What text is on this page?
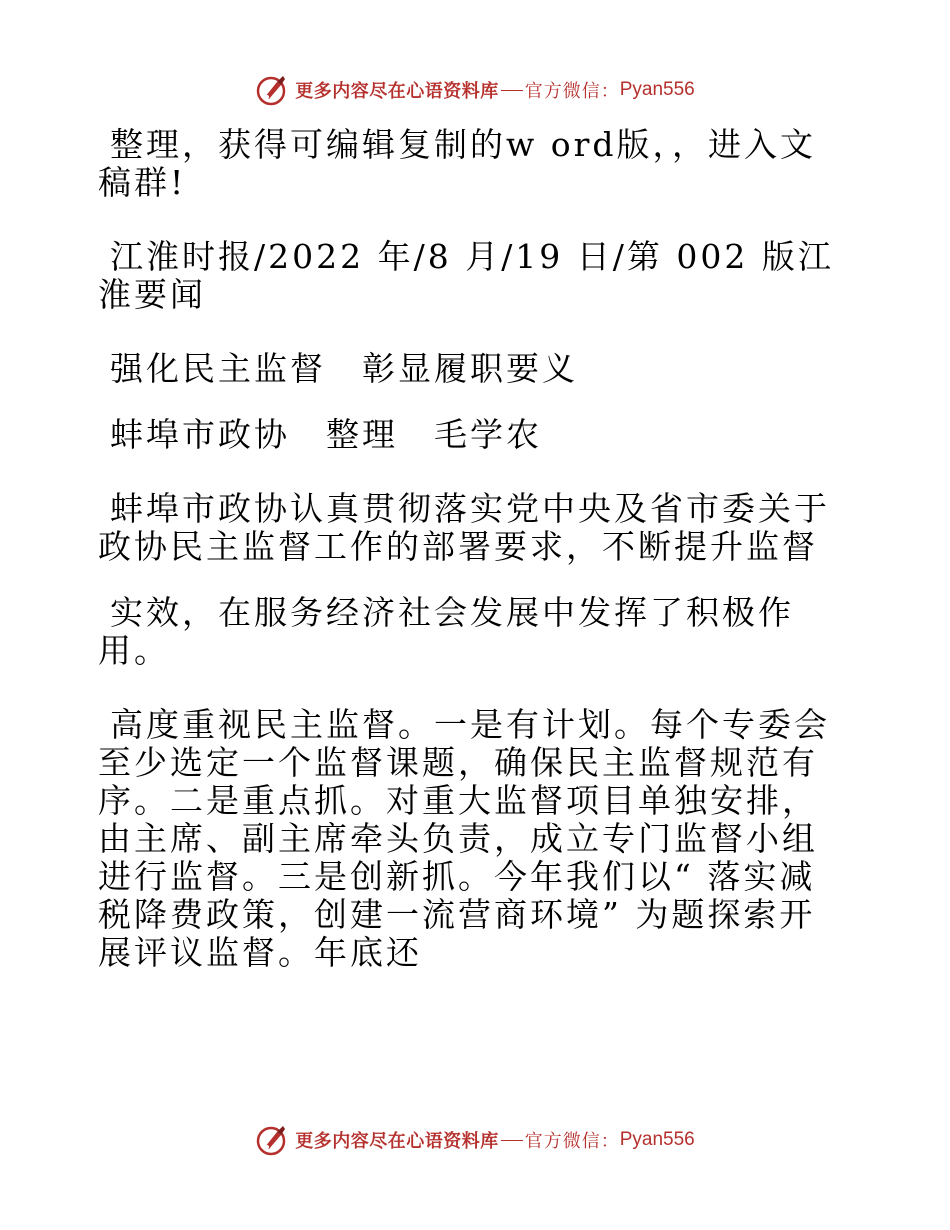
更多内容尽在心语资料库 官方微信： Pyan556

整理，获得可编辑复制的w ord版，，进入文稿群!

江淮时报/2022 年/8 月/19 日/第 002 版江淮要闻

强化民主监督　彰显履职要义

蚌埠市政协　整理　毛学农

蚌埠市政协认真贯彻落实党中央及省市委关于政协民主监督工作的部署要求，不断提升监督

实效，在服务经济社会发展中发挥了积极作用。

高度重视民主监督。一是有计划。每个专委会至少选定一个监督课题，确保民主监督规范有序。二是重点抓。对重大监督项目单独安排，由主席、副主席牵头负责，成立专门监督小组进行监督。三是创新抓。今年我们以“ 落实减税降费政策，创建一流营商环境” 为题探索开展评议监督。年底还

更多内容尽在心语资料库 官方微信： Pyan556
